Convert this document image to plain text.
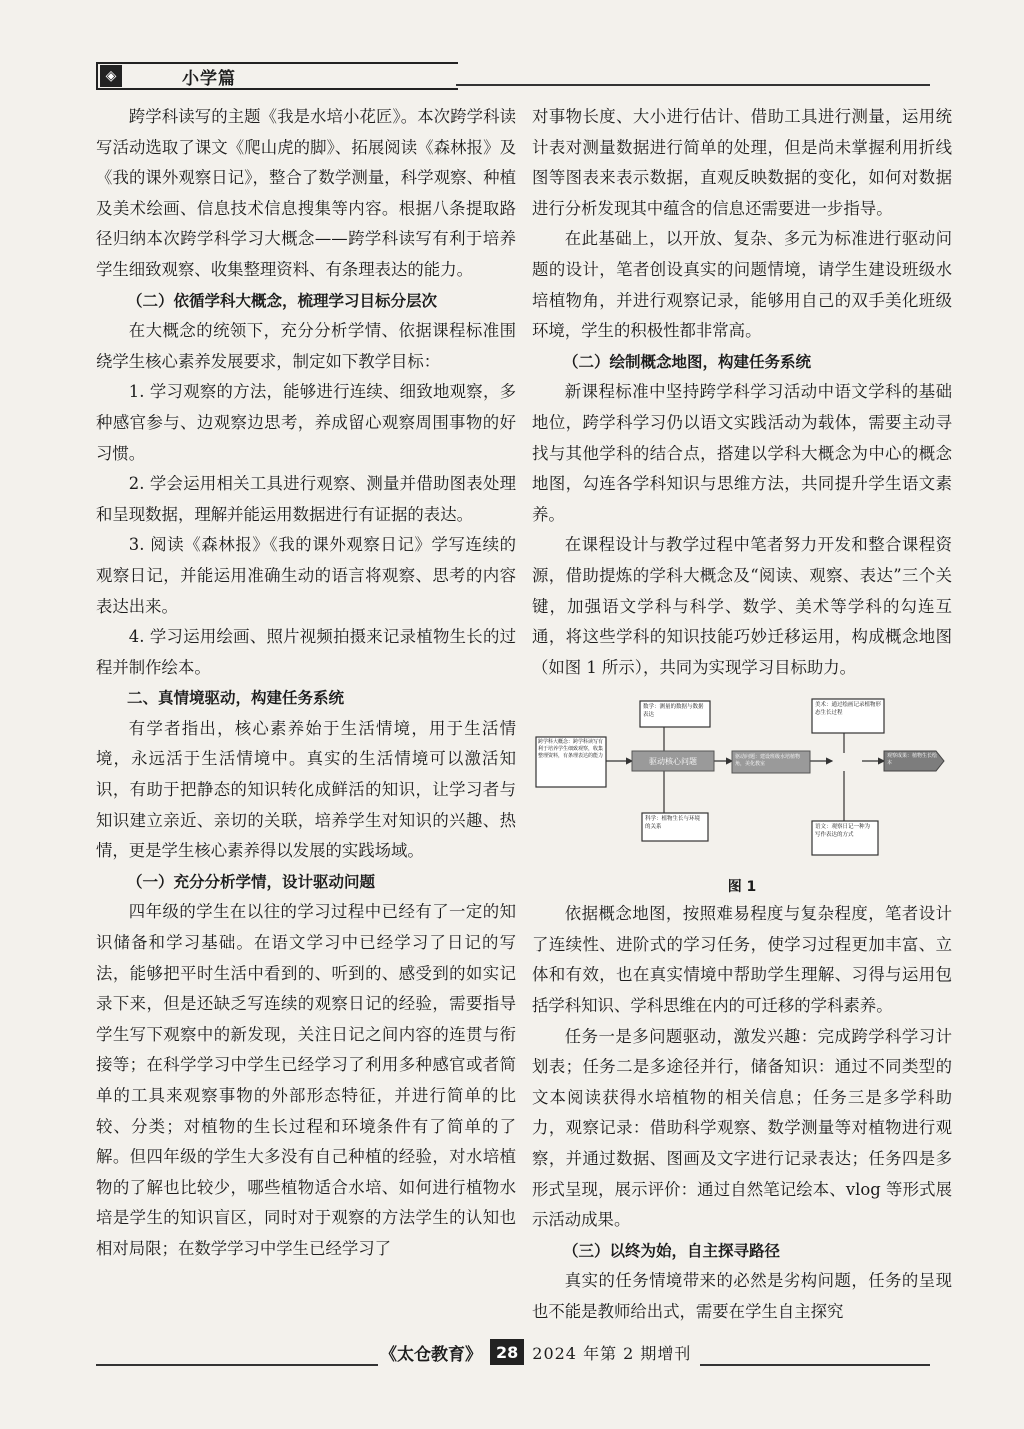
◈	小学篇

跨学科读写的主题《我是水培小花匠》。本次跨学科读写活动选取了课文《爬山虎的脚》、拓展阅读《森林报》及《我的课外观察日记》，整合了数学测量，科学观察、种植及美术绘画、信息技术信息搜集等内容。根据八条提取路径归纳本次跨学科学习大概念——跨学科读写有利于培养学生细致观察、收集整理资料、有条理表达的能力。

（二）依循学科大概念，梳理学习目标分层次

在大概念的统领下，充分分析学情、依据课程标准围绕学生核心素养发展要求，制定如下教学目标：

1. 学习观察的方法，能够进行连续、细致地观察，多种感官参与、边观察边思考，养成留心观察周围事物的好习惯。

2. 学会运用相关工具进行观察、测量并借助图表处理和呈现数据，理解并能运用数据进行有证据的表达。

3. 阅读《森林报》《我的课外观察日记》学写连续的观察日记，并能运用准确生动的语言将观察、思考的内容表达出来。

4. 学习运用绘画、照片视频拍摄来记录植物生长的过程并制作绘本。

二、真情境驱动，构建任务系统

有学者指出，核心素养始于生活情境，用于生活情境，永远活于生活情境中。真实的生活情境可以激活知识，有助于把静态的知识转化成鲜活的知识，让学习者与知识建立亲近、亲切的关联，培养学生对知识的兴趣、热情，更是学生核心素养得以发展的实践场域。

（一）充分分析学情，设计驱动问题

四年级的学生在以往的学习过程中已经有了一定的知识储备和学习基础。在语文学习中已经学习了日记的写法，能够把平时生活中看到的、听到的、感受到的如实记录下来，但是还缺乏写连续的观察日记的经验，需要指导学生写下观察中的新发现，关注日记之间内容的连贯与衔接等；在科学学习中学生已经学习了利用多种感官或者简单的工具来观察事物的外部形态特征，并进行简单的比较、分类；对植物的生长过程和环境条件有了简单的了解。但四年级的学生大多没有自己种植的经验，对水培植物的了解也比较少，哪些植物适合水培、如何进行植物水培是学生的知识盲区，同时对于观察的方法学生的认知也相对局限；在数学学习中学生已经学习了

对事物长度、大小进行估计、借助工具进行测量，运用统计表对测量数据进行简单的处理，但是尚未掌握利用折线图等图表来表示数据，直观反映数据的变化，如何对数据进行分析发现其中蕴含的信息还需要进一步指导。

在此基础上，以开放、复杂、多元为标准进行驱动问题的设计，笔者创设真实的问题情境，请学生建设班级水培植物角，并进行观察记录，能够用自己的双手美化班级环境，学生的积极性都非常高。

（二）绘制概念地图，构建任务系统

新课程标准中坚持跨学科学习活动中语文学科的基础地位，跨学科学习仍以语文实践活动为载体，需要主动寻找与其他学科的结合点，搭建以学科大概念为中心的概念地图，勾连各学科知识与思维方法，共同提升学生语文素养。

在课程设计与教学过程中笔者努力开发和整合课程资源，借助提炼的学科大概念及“阅读、观察、表达”三个关键，加强语文学科与科学、数学、美术等学科的勾连互通，将这些学科的知识技能巧妙迁移运用，构成概念地图（如图 1 所示），共同为实现学习目标助力。

跨学科大概念：跨学科读写有利于培养学生细致观察，收集整理资料，有条理表达的能力
驱动核心问题
数学：测量的数据与数据表达
科学：植物生长与环境的关系
驱动问题：建设班级水培植物角，美化教室
美术：通过绘画记录植物形态生长过程
语文：观察日记一种为写作表达的方式
观察成果：植物生长绘本
图 1

依据概念地图，按照难易程度与复杂程度，笔者设计了连续性、进阶式的学习任务，使学习过程更加丰富、立体和有效，也在真实情境中帮助学生理解、习得与运用包括学科知识、学科思维在内的可迁移的学科素养。

任务一是多问题驱动，激发兴趣：完成跨学科学习计划表；任务二是多途径并行，储备知识：通过不同类型的文本阅读获得水培植物的相关信息；任务三是多学科助力，观察记录：借助科学观察、数学测量等对植物进行观察，并通过数据、图画及文字进行记录表达；任务四是多形式呈现，展示评价：通过自然笔记绘本、vlog 等形式展示活动成果。

（三）以终为始，自主探寻路径

真实的任务情境带来的必然是劣构问题，任务的呈现也不能是教师给出式，需要在学生自主探究

《太仓教育》 28 2024 年第 2 期增刊
